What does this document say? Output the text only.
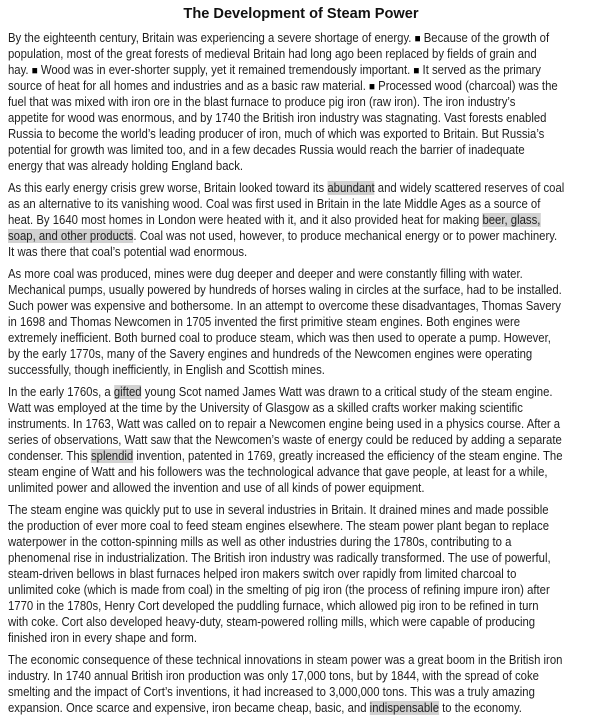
The Development of Steam Power
By the eighteenth century, Britain was experiencing a severe shortage of energy. ■ Because of the growth of
population, most of the great forests of medieval Britain had long ago been replaced by fields of grain and
hay. ■ Wood was in ever-shorter supply, yet it remained tremendously important. ■ It served as the primary
source of heat for all homes and industries and as a basic raw material. ■ Processed wood (charcoal) was the
fuel that was mixed with iron ore in the blast furnace to produce pig iron (raw iron). The iron industry’s
appetite for wood was enormous, and by 1740 the British iron industry was stagnating. Vast forests enabled
Russia to become the world’s leading producer of iron, much of which was exported to Britain. But Russia’s
potential for growth was limited too, and in a few decades Russia would reach the barrier of inadequate
energy that was already holding England back.
As this early energy crisis grew worse, Britain looked toward its abundant and widely scattered reserves of coal
as an alternative to its vanishing wood. Coal was first used in Britain in the late Middle Ages as a source of
heat. By 1640 most homes in London were heated with it, and it also provided heat for making beer, glass,
soap, and other products. Coal was not used, however, to produce mechanical energy or to power machinery.
It was there that coal’s potential wad enormous.
As more coal was produced, mines were dug deeper and deeper and were constantly filling with water.
Mechanical pumps, usually powered by hundreds of horses waling in circles at the surface, had to be installed.
Such power was expensive and bothersome. In an attempt to overcome these disadvantages, Thomas Savery
in 1698 and Thomas Newcomen in 1705 invented the first primitive steam engines. Both engines were
extremely inefficient. Both burned coal to produce steam, which was then used to operate a pump. However,
by the early 1770s, many of the Savery engines and hundreds of the Newcomen engines were operating
successfully, though inefficiently, in English and Scottish mines.
In the early 1760s, a gifted young Scot named James Watt was drawn to a critical study of the steam engine.
Watt was employed at the time by the University of Glasgow as a skilled crafts worker making scientific
instruments. In 1763, Watt was called on to repair a Newcomen engine being used in a physics course. After a
series of observations, Watt saw that the Newcomen’s waste of energy could be reduced by adding a separate
condenser. This splendid invention, patented in 1769, greatly increased the efficiency of the steam engine. The
steam engine of Watt and his followers was the technological advance that gave people, at least for a while,
unlimited power and allowed the invention and use of all kinds of power equipment.
The steam engine was quickly put to use in several industries in Britain. It drained mines and made possible
the production of ever more coal to feed steam engines elsewhere. The steam power plant began to replace
waterpower in the cotton-spinning mills as well as other industries during the 1780s, contributing to a
phenomenal rise in industrialization. The British iron industry was radically transformed. The use of powerful,
steam-driven bellows in blast furnaces helped iron makers switch over rapidly from limited charcoal to
unlimited coke (which is made from coal) in the smelting of pig iron (the process of refining impure iron) after
1770 in the 1780s, Henry Cort developed the puddling furnace, which allowed pig iron to be refined in turn
with coke. Cort also developed heavy-duty, steam-powered rolling mills, which were capable of producing
finished iron in every shape and form.
The economic consequence of these technical innovations in steam power was a great boom in the British iron
industry. In 1740 annual British iron production was only 17,000 tons, but by 1844, with the spread of coke
smelting and the impact of Cort’s inventions, it had increased to 3,000,000 tons. This was a truly amazing
expansion. Once scarce and expensive, iron became cheap, basic, and indispensable to the economy.
